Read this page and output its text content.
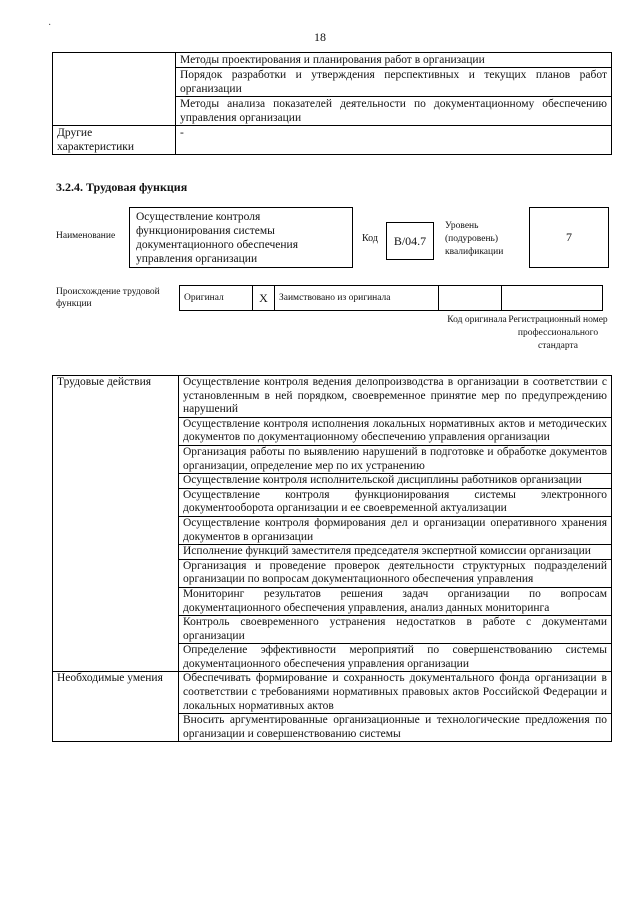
·
18
	Методы проектирования и планирования работ в организации
	Порядок разработки и утверждения перспективных и текущих планов работ организации
	Методы анализа показателей деятельности по документационному обеспечению управления организации
Другие характеристики	-
3.2.4. Трудовая функция
Наименование
Осуществление контроля функционирования системы документационного обеспечения управления организации
Код	В/04.7
Уровень (подуровень) квалификации
7
Происхождение трудовой функции
Оригинал	X	Заимствовано из оригинала		
Код оригинала Регистрационный номер профессионального стандарта
Трудовые действия	Осуществление контроля ведения делопроизводства в организации в соответствии с установленным в ней порядком, своевременное принятие мер по предупреждению нарушений
	Осуществление контроля исполнения локальных нормативных актов и методических документов по документационному обеспечению управления организации
	Организация работы по выявлению нарушений в подготовке и обработке документов организации, определение мер по их устранению
	Осуществление контроля исполнительской дисциплины работников организации
	Осуществление контроля функционирования системы электронного документооборота организации и ее своевременной актуализации
	Осуществление контроля формирования дел и организации оперативного хранения документов в организации
	Исполнение функций заместителя председателя экспертной комиссии организации
	Организация и проведение проверок деятельности структурных подразделений организации по вопросам документационного обеспечения управления
	Мониторинг результатов решения задач организации по вопросам документационного обеспечения управления, анализ данных мониторинга
	Контроль своевременного устранения недостатков в работе с документами организации
	Определение эффективности мероприятий по совершенствованию системы документационного обеспечения управления организации
Необходимые умения	Обеспечивать формирование и сохранность документального фонда организации в соответствии с требованиями нормативных правовых актов Российской Федерации и локальных нормативных актов
	Вносить аргументированные организационные и технологические предложения по организации и совершенствованию системы
